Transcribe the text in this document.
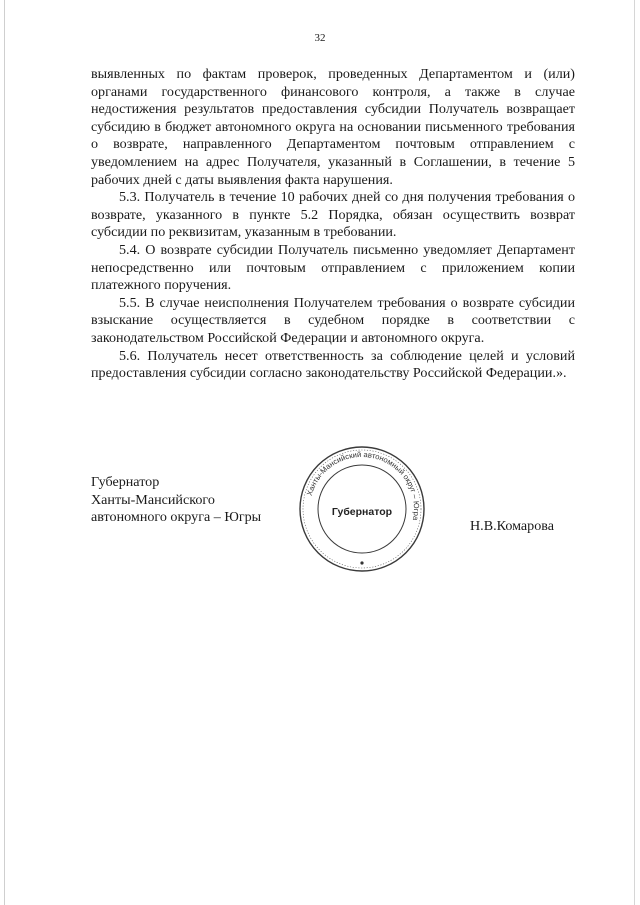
32

выявленных по фактам проверок, проведенных Департаментом и (или) органами государственного финансового контроля, а также в случае недостижения результатов предоставления субсидии Получатель возвращает субсидию в бюджет автономного округа на основании письменного требования о возврате, направленного Департаментом почтовым отправлением с уведомлением на адрес Получателя, указанный в Соглашении, в течение 5 рабочих дней с даты выявления факта нарушения.

5.3. Получатель в течение 10 рабочих дней со дня получения требования о возврате, указанного в пункте 5.2 Порядка, обязан осуществить возврат субсидии по реквизитам, указанным в требовании.

5.4. О возврате субсидии Получатель письменно уведомляет Департамент непосредственно или почтовым отправлением с приложением копии платежного поручения.

5.5. В случае неисполнения Получателем требования о возврате субсидии взыскание осуществляется в судебном порядке в соответствии с законодательством Российской Федерации и автономного округа.

5.6. Получатель несет ответственность за соблюдение целей и условий предоставления субсидии согласно законодательству Российской Федерации.».

Губернатор
Ханты-Мансийского
автономного округа – Югры
Ханты-Мансийский автономный округ – Югра
Губернатор
Н.В.Комарова
